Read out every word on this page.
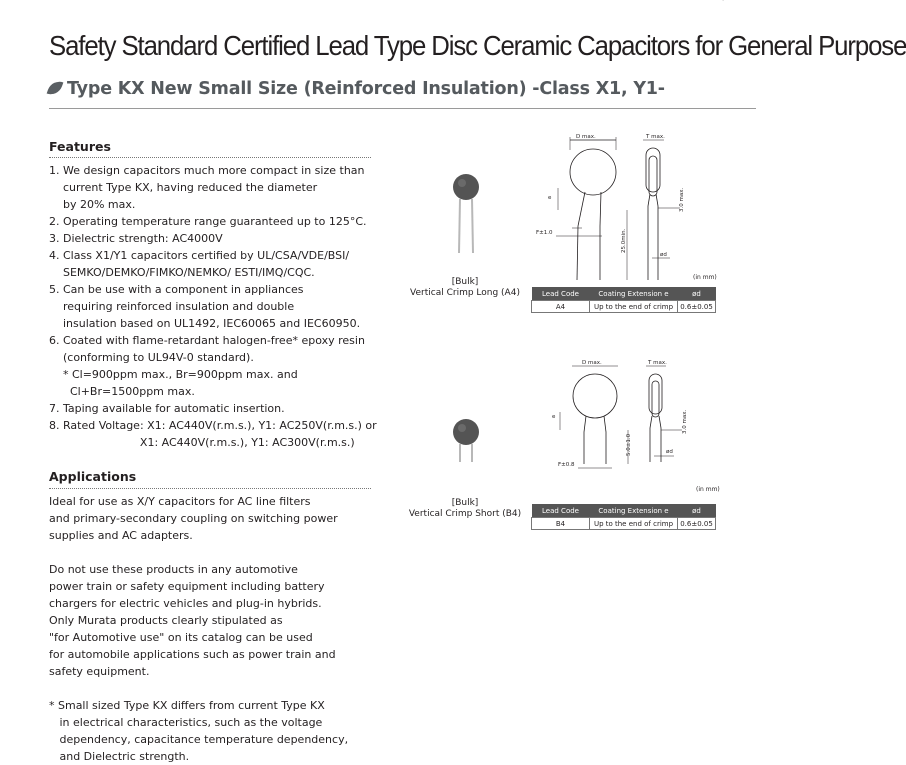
Safety Standard Certified Lead Type Disc Ceramic Capacitors for General Purpose
Type KX New Small Size (Reinforced Insulation) -Class X1, Y1-
Features
1. We design capacitors much more compact in size than
current Type KX, having reduced the diameter
by 20% max.
2. Operating temperature range guaranteed up to 125°C.
3. Dielectric strength: AC4000V
4. Class X1/Y1 capacitors certified by UL/CSA/VDE/BSI/
SEMKO/DEMKO/FIMKO/NEMKO/ ESTI/IMQ/CQC.
5. Can be use with a component in appliances
requiring reinforced insulation and double
insulation based on UL1492, IEC60065 and IEC60950.
6. Coated with flame-retardant halogen-free* epoxy resin
(conforming to UL94V-0 standard).
* Cl=900ppm max., Br=900ppm max. and
Cl+Br=1500ppm max.
7. Taping available for automatic insertion.
8. Rated Voltage: X1: AC440V(r.m.s.), Y1: AC250V(r.m.s.) or
X1: AC440V(r.m.s.), Y1: AC300V(r.m.s.)
Applications
Ideal for use as X/Y capacitors for AC line filters
and primary-secondary coupling on switching power
supplies and AC adapters.
Do not use these products in any automotive
power train or safety equipment including battery
chargers for electric vehicles and plug-in hybrids.
Only Murata products clearly stipulated as
"for Automotive use" on its catalog can be used
for automobile applications such as power train and
safety equipment.
* Small sized Type KX differs from current Type KX
in electrical characteristics, such as the voltage
dependency, capacitance temperature dependency,
and Dielectric strength.
[Bulk]
Vertical Crimp Long (A4)
D max.
F±1.0
e
25.0min.
T max.
3.0 max.
ød
(in mm)
Lead Code	Coating Extension e	ød
A4	Up to the end of crimp	0.6±0.05
[Bulk]
Vertical Crimp Short (B4)
D max.
F±0.8
e
5.0±1.0
T max.
3.0 max.
ød
(in mm)
Lead Code	Coating Extension e	ød
B4	Up to the end of crimp	0.6±0.05
